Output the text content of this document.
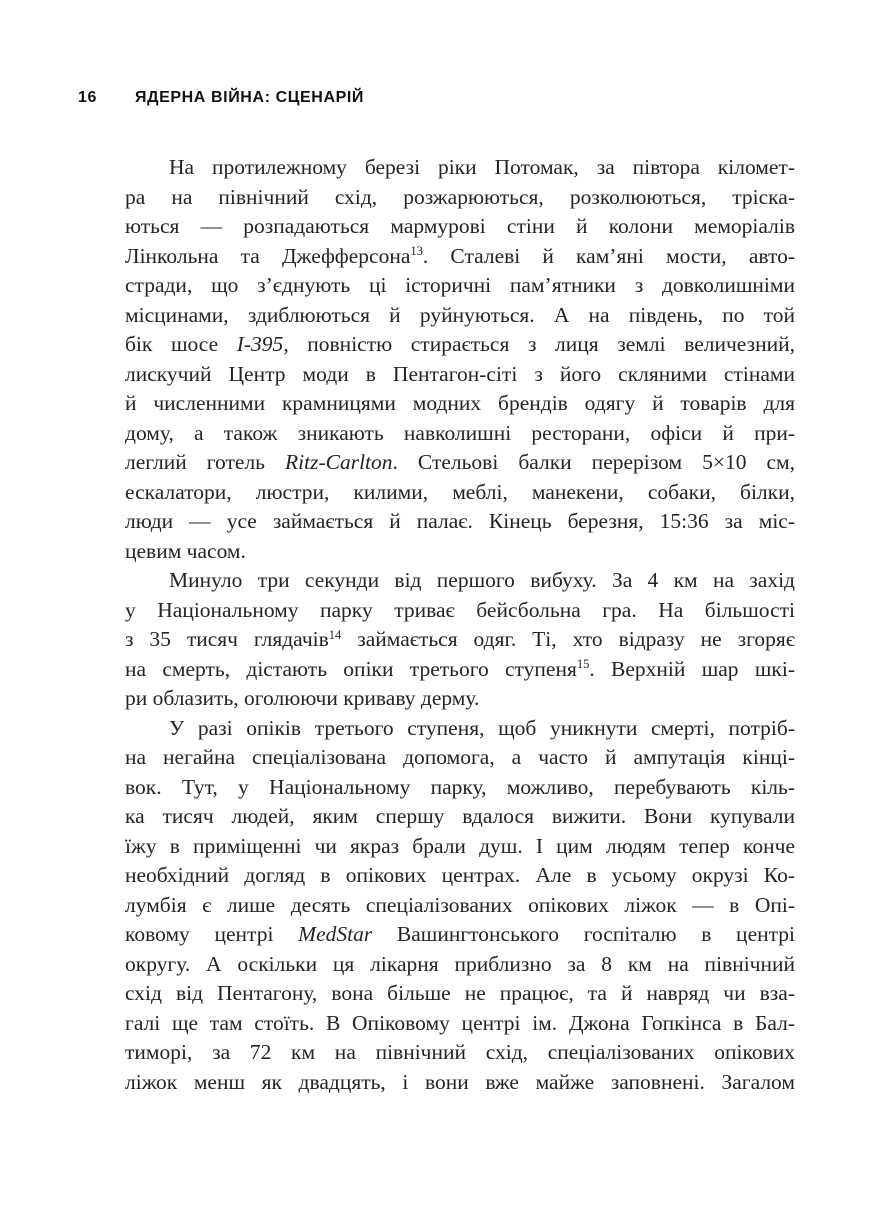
16 ЯДЕРНА ВІЙНА: СЦЕНАРІЙ
На протилежному березі ріки Потомак, за півтора кіломет-
ра на північний схід, розжарюються, розколюються, тріска-
ються — розпадаються мармурові стіни й колони меморіалів
Лінкольна та Джефферсона$^{13}$. Сталеві й кам’яні мости, авто-
стради, що з’єднують ці історичні пам’ятники з довколишніми
місцинами, здиблюються й руйнуються. А на південь, по той
бік шосе I-395, повністю стирається з лиця землі величезний,
лискучий Центр моди в Пентагон-сіті з його скляними стінами
й численними крамницями модних брендів одягу й товарів для
дому, а також зникають навколишні ресторани, офіси й при-
леглий готель Ritz-Carlton. Стельові балки перерізом 5×10 см,
ескалатори, люстри, килими, меблі, манекени, собаки, білки,
люди — усе займається й палає. Кінець березня, 15:36 за міс-
цевим часом.
Минуло три секунди від першого вибуху. За 4 км на захід
у Національному парку триває бейсбольна гра. На більшості
з 35 тисяч глядачів$^{14}$ займається одяг. Ті, хто відразу не згоряє
на смерть, дістають опіки третього ступеня$^{15}$. Верхній шар шкі-
ри облазить, оголюючи криваву дерму.
У разі опіків третього ступеня, щоб уникнути смерті, потріб-
на негайна спеціалізована допомога, а часто й ампутація кінці-
вок. Тут, у Національному парку, можливо, перебувають кіль-
ка тисяч людей, яким спершу вдалося вижити. Вони купували
їжу в приміщенні чи якраз брали душ. І цим людям тепер конче
необхідний догляд в опікових центрах. Але в усьому окрузі Ко-
лумбія є лише десять спеціалізованих опікових ліжок — в Опі-
ковому центрі MedStar Вашингтонського госпіталю в центрі
округу. А оскільки ця лікарня приблизно за 8 км на північний
схід від Пентагону, вона більше не працює, та й навряд чи вза-
галі ще там стоїть. В Опіковому центрі ім. Джона Гопкінса в Бал-
тиморі, за 72 км на північний схід, спеціалізованих опікових
ліжок менш як двадцять, і вони вже майже заповнені. Загалом
